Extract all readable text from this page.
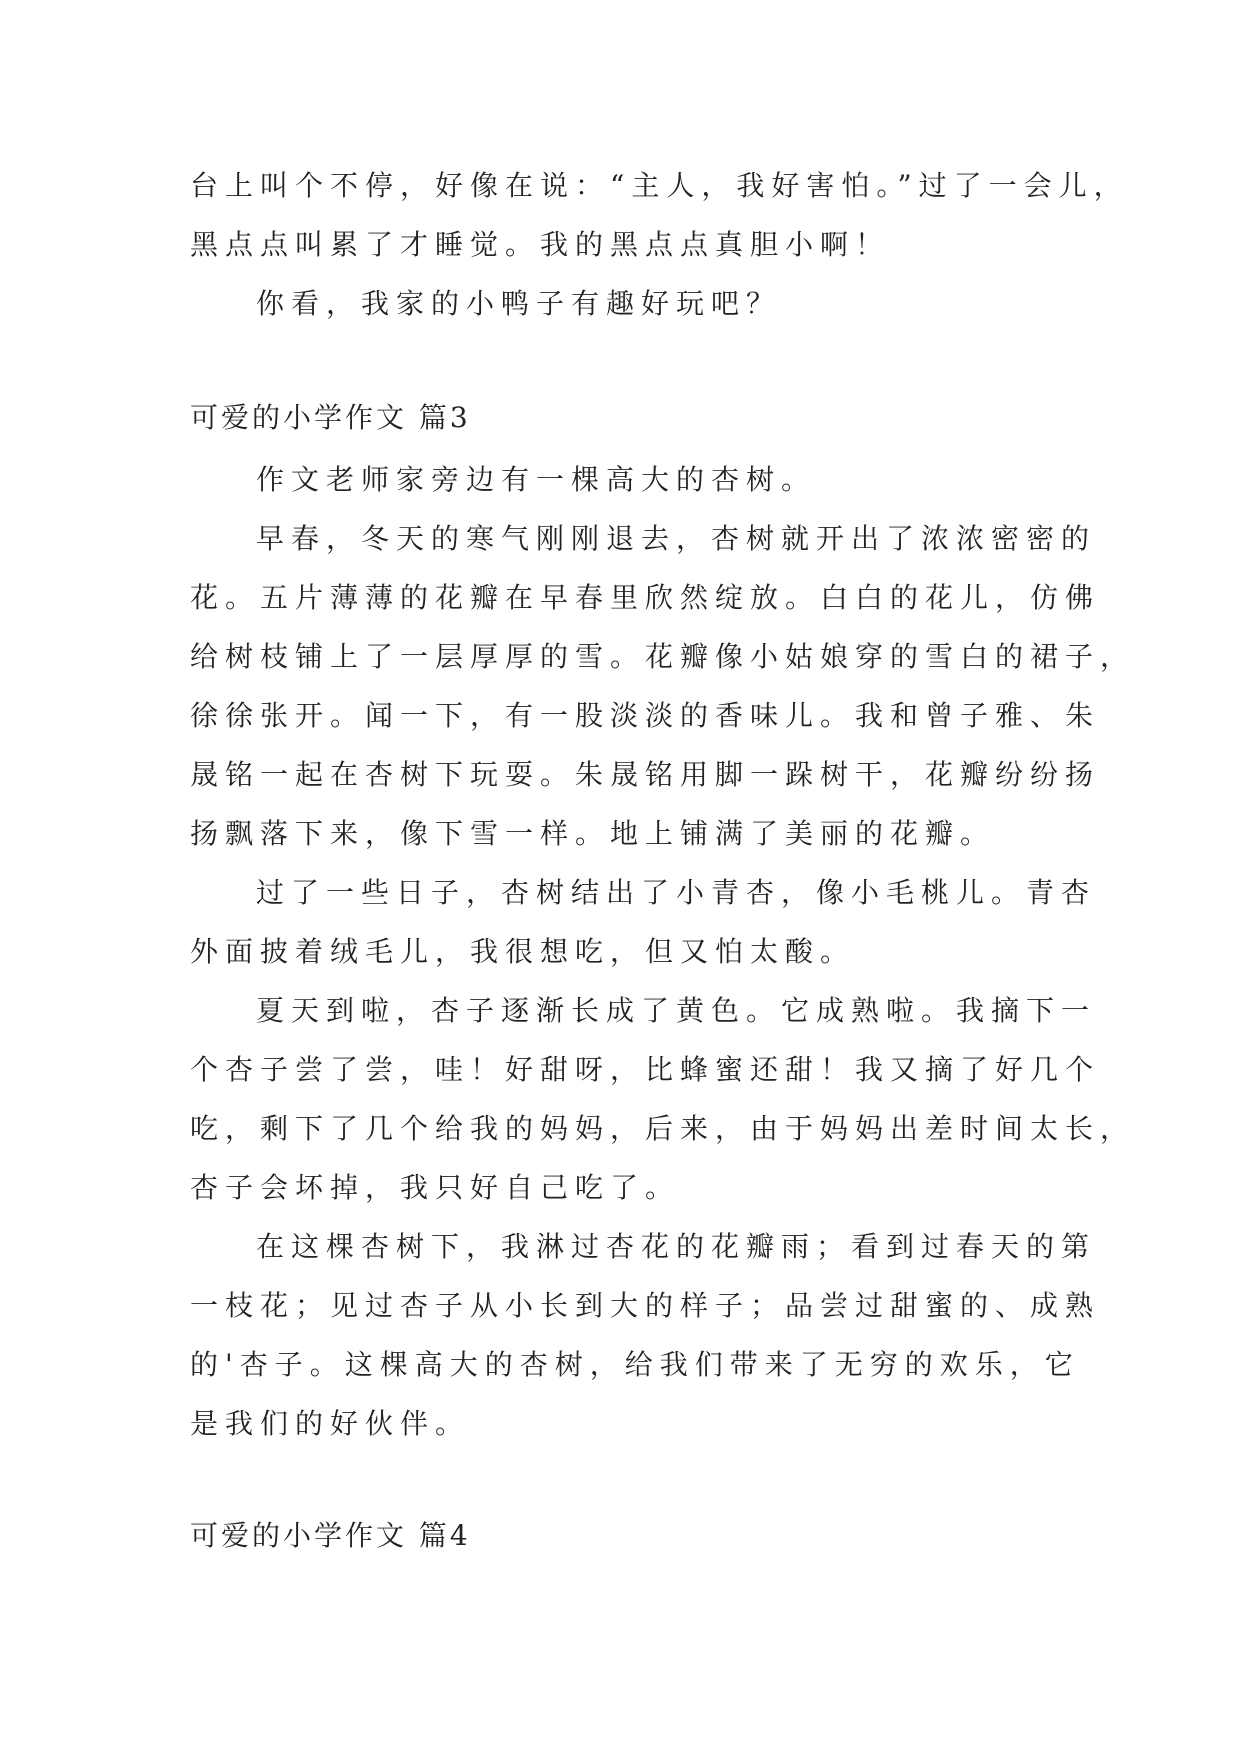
台上叫个不停，好像在说：“主人，我好害怕。”过了一会儿，
黑点点叫累了才睡觉。我的黑点点真胆小啊！
你看，我家的小鸭子有趣好玩吧？
可爱的小学作文 篇3
作文老师家旁边有一棵高大的杏树。
早春，冬天的寒气刚刚退去，杏树就开出了浓浓密密的
花。五片薄薄的花瓣在早春里欣然绽放。白白的花儿，仿佛
给树枝铺上了一层厚厚的雪。花瓣像小姑娘穿的雪白的裙子，
徐徐张开。闻一下，有一股淡淡的香味儿。我和曾子雅、朱
晟铭一起在杏树下玩耍。朱晟铭用脚一跺树干，花瓣纷纷扬
扬飘落下来，像下雪一样。地上铺满了美丽的花瓣。
过了一些日子，杏树结出了小青杏，像小毛桃儿。青杏
外面披着绒毛儿，我很想吃，但又怕太酸。
夏天到啦，杏子逐渐长成了黄色。它成熟啦。我摘下一
个杏子尝了尝，哇！好甜呀，比蜂蜜还甜！我又摘了好几个
吃，剩下了几个给我的妈妈，后来，由于妈妈出差时间太长，
杏子会坏掉，我只好自己吃了。
在这棵杏树下，我淋过杏花的花瓣雨；看到过春天的第
一枝花；见过杏子从小长到大的样子；品尝过甜蜜的、成熟
的'杏子。这棵高大的杏树，给我们带来了无穷的欢乐，它
是我们的好伙伴。
可爱的小学作文 篇4
